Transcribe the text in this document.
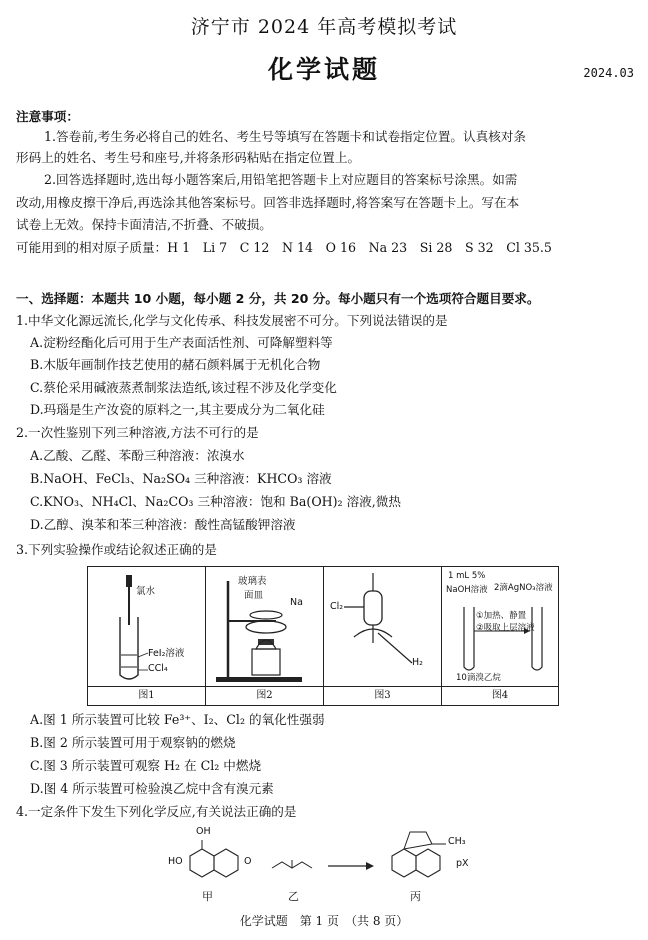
济宁市 2024 年高考模拟考试
化学试题	2024.03
注意事项：
1.答卷前,考生务必将自己的姓名、考生号等填写在答题卡和试卷指定位置。认真核对条
形码上的姓名、考生号和座号,并将条形码粘贴在指定位置上。
2.回答选择题时,选出每小题答案后,用铅笔把答题卡上对应题目的答案标号涂黑。如需
改动,用橡皮擦干净后,再选涂其他答案标号。回答非选择题时,将答案写在答题卡上。写在本
试卷上无效。保持卡面清洁,不折叠、不破损。
可能用到的相对原子质量：H 1　Li 7　C 12　N 14　O 16　Na 23　Si 28　S 32　Cl 35.5
一、选择题：本题共 10 小题，每小题 2 分，共 20 分。每小题只有一个选项符合题目要求。
1.中华文化源远流长,化学与文化传承、科技发展密不可分。下列说法错误的是
A.淀粉经酯化后可用于生产表面活性剂、可降解塑料等
B.木版年画制作技艺使用的赭石颜料属于无机化合物
C.蔡伦采用碱液蒸煮制浆法造纸,该过程不涉及化学变化
D.玛瑙是生产汝瓷的原料之一,其主要成分为二氧化硅
2.一次性鉴别下列三种溶液,方法不可行的是
A.乙酸、乙醛、苯酚三种溶液：浓溴水
B.NaOH、FeCl₃、Na₂SO₄ 三种溶液：KHCO₃ 溶液
C.KNO₃、NH₄Cl、Na₂CO₃ 三种溶液：饱和 Ba(OH)₂ 溶液,微热
D.乙醇、溴苯和苯三种溶液：酸性高锰酸钾溶液
3.下列实验操作或结论叙述正确的是
氯水
FeI₂溶液
CCl₄
图1
玻璃表
面皿
Na
图2
Cl₂
H₂
图3
1 mL 5%
NaOH溶液 2滴AgNO₃溶液
①加热、静置
②吸取上层溶液
10滴溴乙烷
图4
A.图 1 所示装置可比较 Fe³⁺、I₂、Cl₂ 的氧化性强弱
B.图 2 所示装置可用于观察钠的燃烧
C.图 3 所示装置可观察 H₂ 在 Cl₂ 中燃烧
D.图 4 所示装置可检验溴乙烷中含有溴元素
4.一定条件下发生下列化学反应,有关说法正确的是
OH
HO	O
CH₃
pX
甲	乙	丙
化学试题　第 1 页　（共 8 页）
